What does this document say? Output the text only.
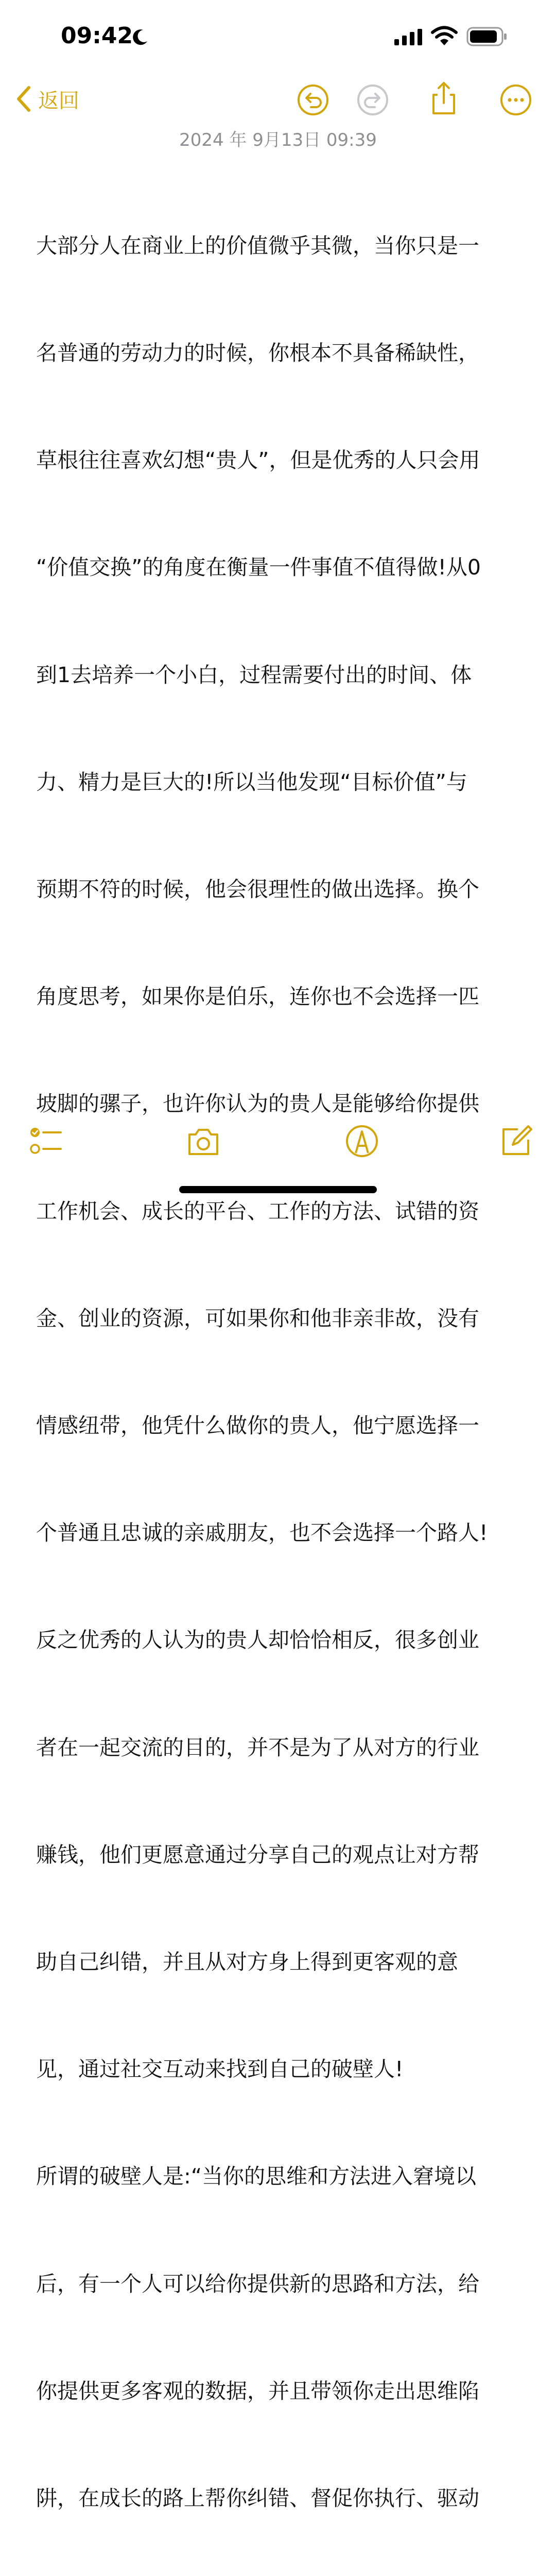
09:42
返回
2024 年 9月13日 09:39

大部分人在商业上的价值微乎其微，当你只是一

名普通的劳动力的时候，你根本不具备稀缺性，

草根往往喜欢幻想“贵人”，但是优秀的人只会用

“价值交换”的角度在衡量一件事值不值得做!从0

到1去培养一个小白，过程需要付出的时间、体

力、精力是巨大的!所以当他发现“目标价值”与

预期不符的时候，他会很理性的做出选择。换个

角度思考，如果你是伯乐，连你也不会选择一匹

坡脚的骡子，也许你认为的贵人是能够给你提供

工作机会、成长的平台、工作的方法、试错的资

金、创业的资源，可如果你和他非亲非故，没有

情感纽带，他凭什么做你的贵人，他宁愿选择一

个普通且忠诚的亲戚朋友，也不会选择一个路人!

反之优秀的人认为的贵人却恰恰相反，很多创业

者在一起交流的目的，并不是为了从对方的行业

赚钱，他们更愿意通过分享自己的观点让对方帮

助自己纠错，并且从对方身上得到更客观的意

见，通过社交互动来找到自己的破壁人!

所谓的破壁人是:“当你的思维和方法进入窘境以

后，有一个人可以给你提供新的思路和方法，给

你提供更多客观的数据，并且带领你走出思维陷

阱，在成长的路上帮你纠错、督促你执行、驱动
